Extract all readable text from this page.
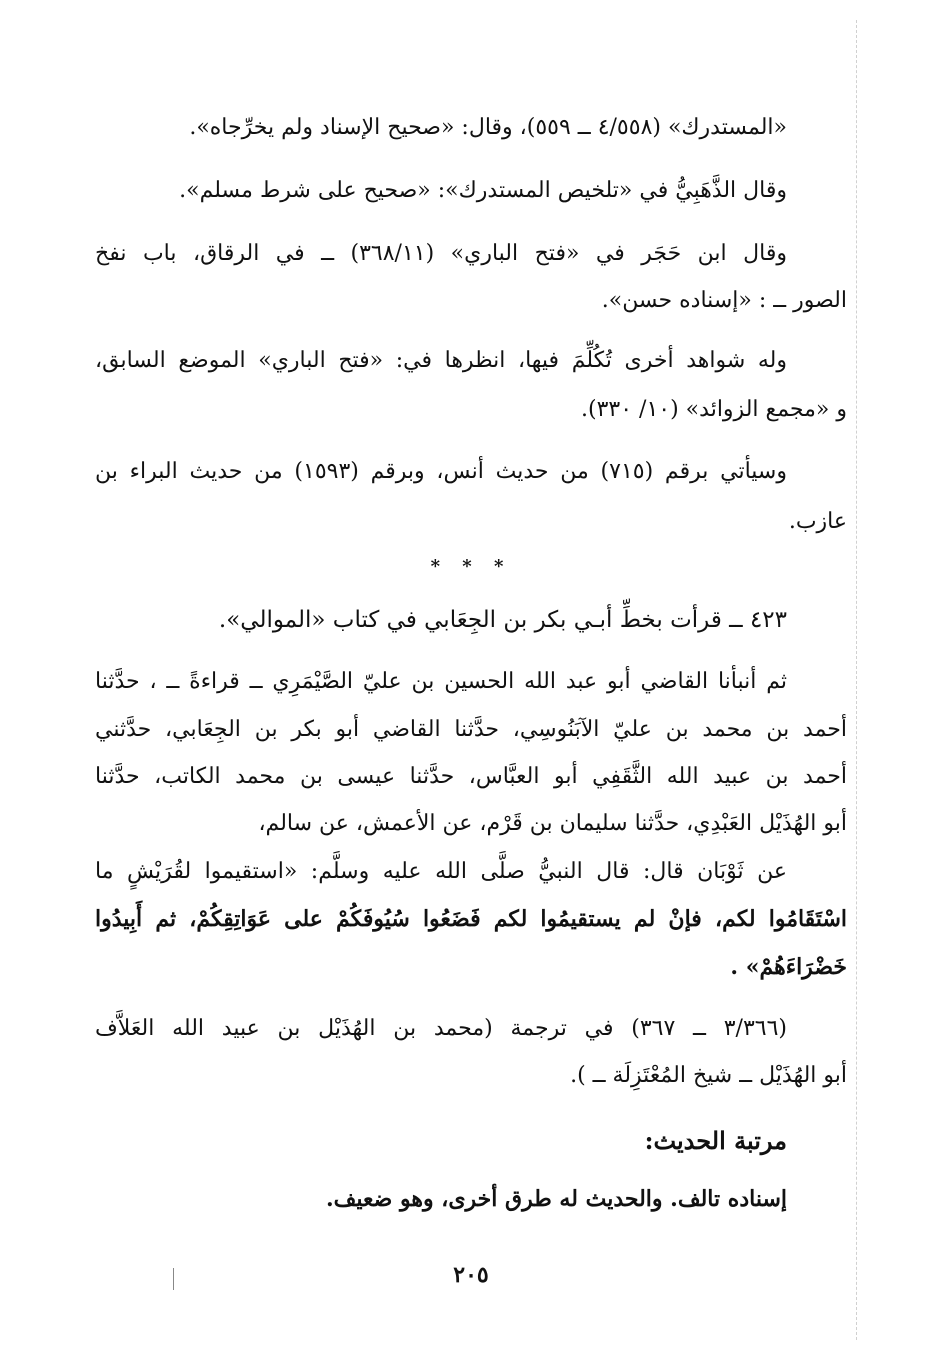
«المستدرك» (٤/٥٥٨ ــ ٥٥٩)، وقال: «صحيح الإسناد ولم يخرِّجاه».
وقال الذَّهَبِيُّ في «تلخيص المستدرك»: «صحيح على شرط مسلم».
وقال ابن حَجَر في «فتح الباري» (٣٦٨/١١) ــ في الرقاق، باب نفخ
الصور ــ : «إسناده حسن».
وله شواهد أخرى تُكُلِّمَ فيها، انظرها في: «فتح الباري» الموضع السابق،
و «مجمع الزوائد» (١٠/ ٣٣٠).
وسيأتي برقم (٧١٥) من حديث أنس، وبرقم (١٥٩٣) من حديث البراء بن
عازب.
* * *
٤٢٣ ــ قرأت بخطِّ أبـي بكر بن الجِعَابي في كتاب «الموالي».
ثم أنبأنا القاضي أبو عبد الله الحسين بن عليّ الصَّيْمَرِي ــ قراءةً ــ ، حدَّثنا
أحمد بن محمد بن عليّ الآبَنُوسِي، حدَّثنا القاضي أبو بكر بن الجِعَابي، حدَّثني
أحمد بن عبيد الله الثَّقَفِي أبو العبَّاس، حدَّثنا عيسى بن محمد الكاتب، حدَّثنا
أبو الهُذَيْل العَبْدِي، حدَّثنا سليمان بن قَرْم، عن الأعمش، عن سالم،
عن ثَوْبَان قال: قال النبيُّ صلَّى الله عليه وسلَّم: «استقيموا لقُرَيْشٍ ما
اسْتَقَامُوا لكم، فإنْ لم يستقيمُوا لكم فَضَعُوا سُيُوفَكُمْ على عَوَاتِقِكُمْ، ثم أَبِيدُوا
خَضْرَاءَهُمْ» .
(٣/٣٦٦ ــ ٣٦٧) في ترجمة (محمد بن الهُذَيْل بن عبيد الله العَلاَّف
أبو الهُذَيْل ــ شيخ المُعْتَزِلَة ــ ).
مرتبة الحديث:
إسناده تالف. والحديث له طرق أخرى، وهو ضعيف.
٢٠٥
